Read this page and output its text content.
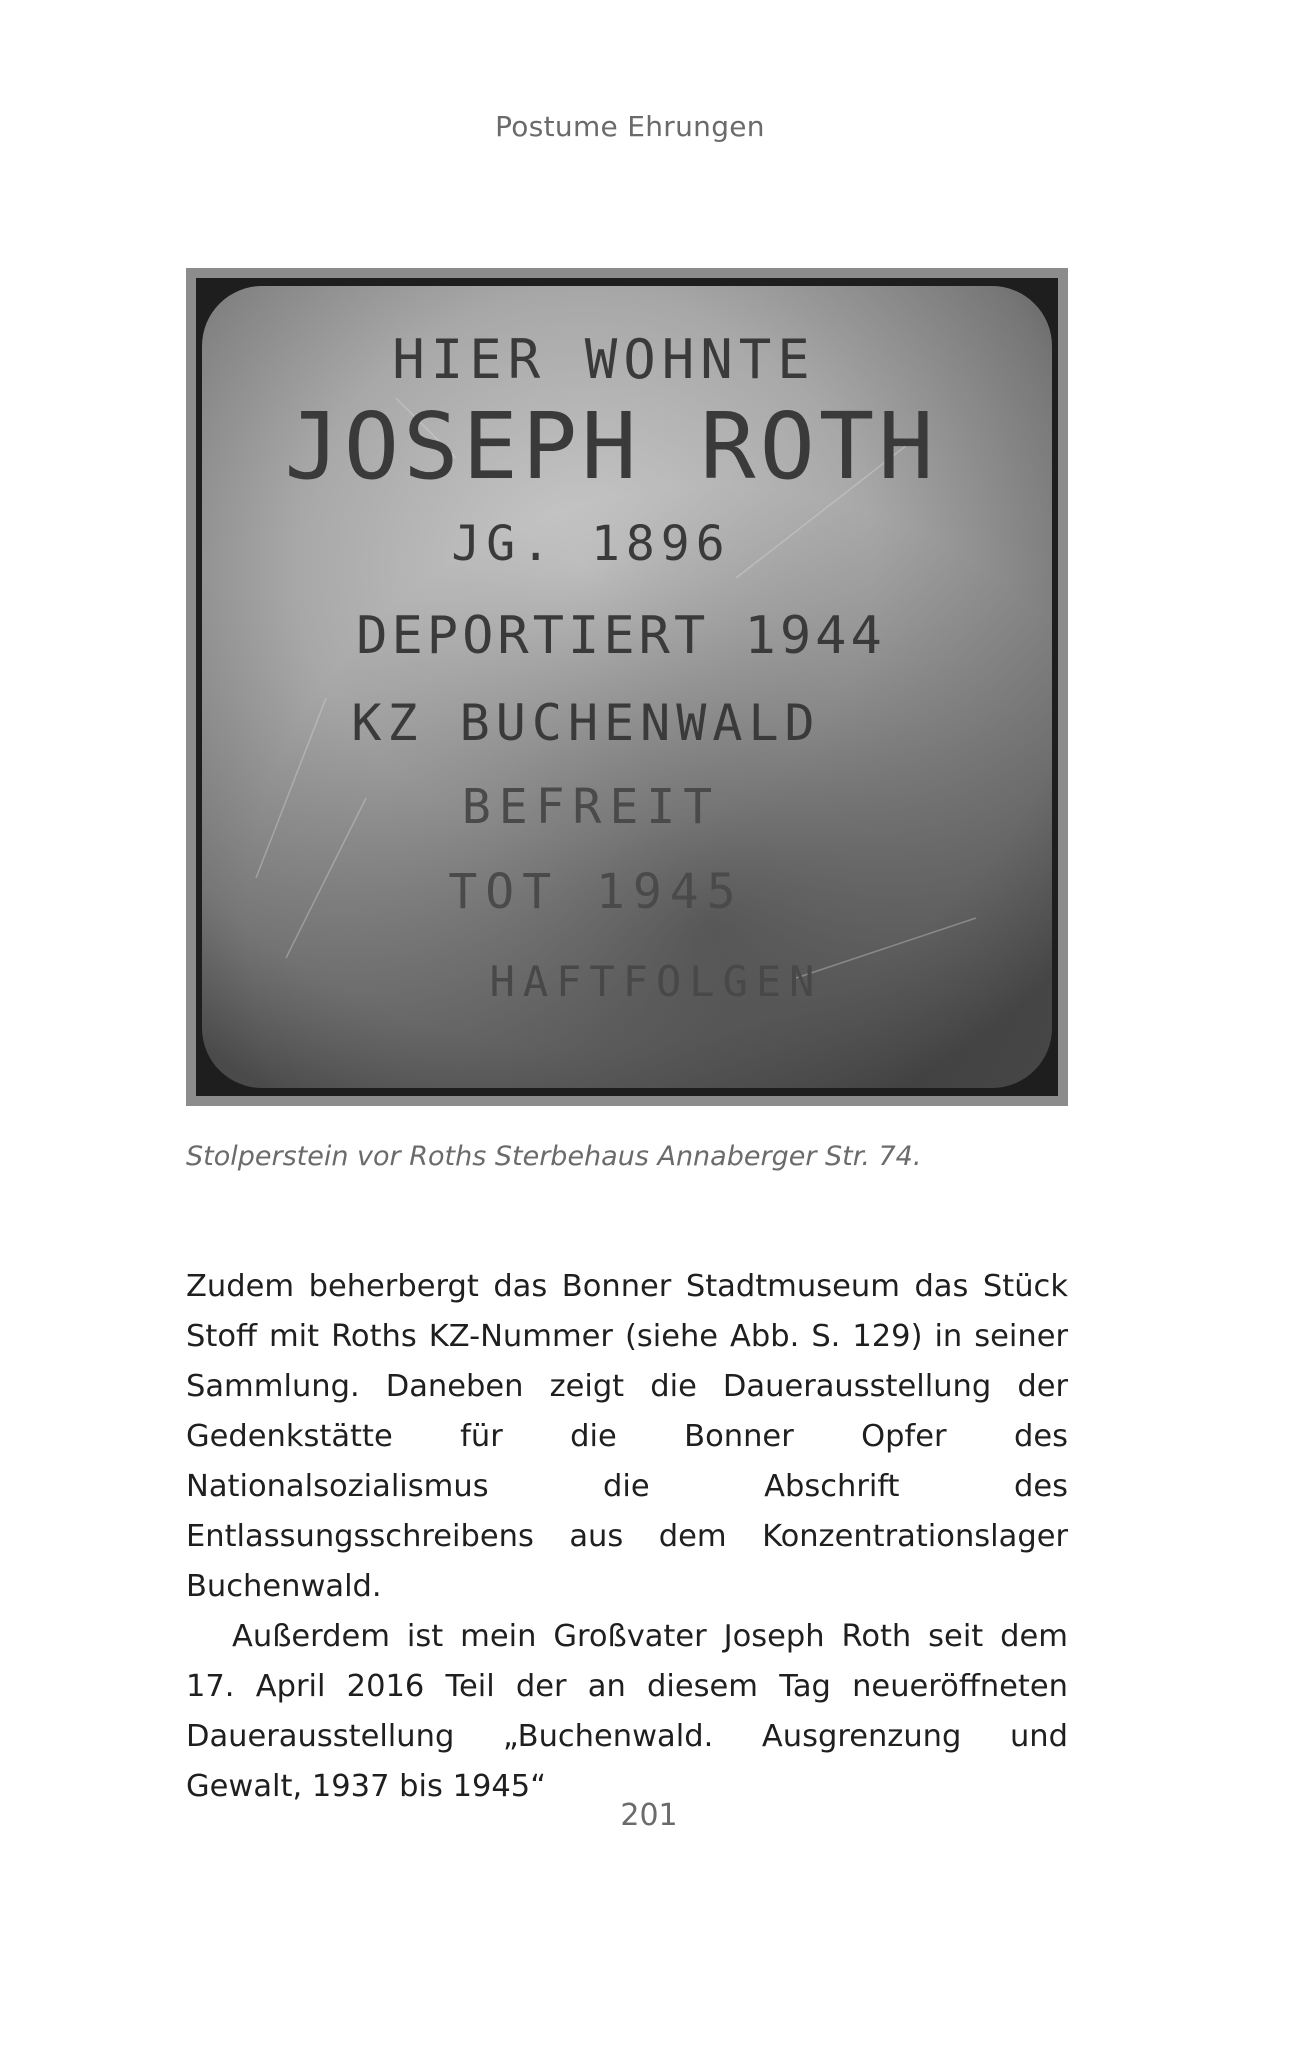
Postume Ehrungen
HIER WOHNTE
JOSEPH ROTH
JG. 1896
DEPORTIERT 1944
KZ BUCHENWALD
BEFREIT
TOT 1945
HAFTFOLGEN
Stolperstein vor Roths Sterbehaus Annaberger Str. 74.

Zudem beherbergt das Bonner Stadtmuseum das Stück Stoff mit Roths KZ-Nummer (siehe Abb. S. 129) in seiner Sammlung. Daneben zeigt die Dauerausstellung der Gedenkstätte für die Bonner Opfer des Nationalsozialismus die Abschrift des Entlassungsschreibens aus dem Konzentrationslager Buchenwald.

Außerdem ist mein Großvater Joseph Roth seit dem 17. April 2016 Teil der an diesem Tag neueröffneten Dauerausstellung „Buchenwald. Ausgrenzung und Gewalt, 1937 bis 1945“

201
